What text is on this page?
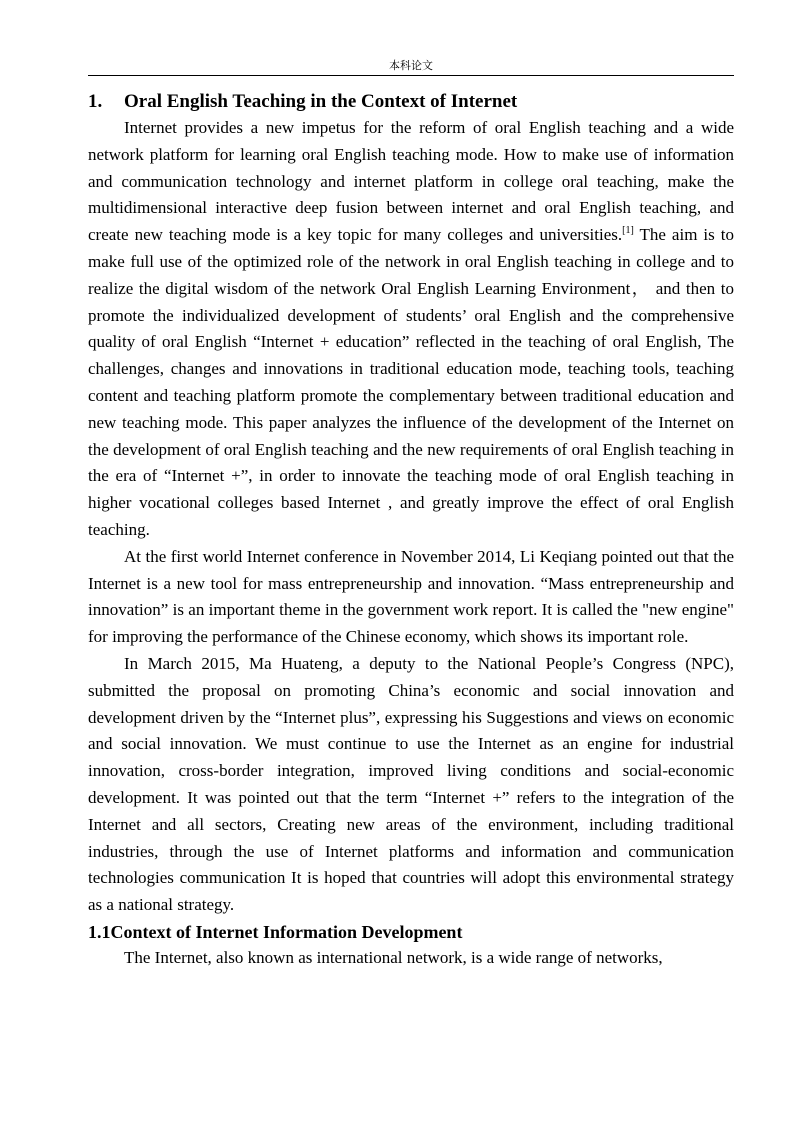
本科论文
1. Oral English Teaching in the Context of Internet

Internet provides a new impetus for the reform of oral English teaching and a wide network platform for learning oral English teaching mode. How to make use of information and communication technology and internet platform in college oral teaching, make the multidimensional interactive deep fusion between internet and oral English teaching, and create new teaching mode is a key topic for many colleges and universities.[1] The aim is to make full use of the optimized role of the network in oral English teaching in college and to realize the digital wisdom of the network Oral English Learning Environment， and then to promote the individualized development of students’ oral English and the comprehensive quality of oral English “Internet + education” reflected in the teaching of oral English, The challenges, changes and innovations in traditional education mode, teaching tools, teaching content and teaching platform promote the complementary between traditional education and new teaching mode. This paper analyzes the influence of the development of the Internet on the development of oral English teaching and the new requirements of oral English teaching in the era of “Internet +”, in order to innovate the teaching mode of oral English teaching in higher vocational colleges based Internet , and greatly improve the effect of oral English teaching.

At the first world Internet conference in November 2014, Li Keqiang pointed out that the Internet is a new tool for mass entrepreneurship and innovation. “Mass entrepreneurship and innovation” is an important theme in the government work report. It is called the "new engine" for improving the performance of the Chinese economy, which shows its important role.

In March 2015, Ma Huateng, a deputy to the National People’s Congress (NPC), submitted the proposal on promoting China’s economic and social innovation and development driven by the “Internet plus”, expressing his Suggestions and views on economic and social innovation. We must continue to use the Internet as an engine for industrial innovation, cross-border integration, improved living conditions and social-economic development. It was pointed out that the term “Internet +” refers to the integration of the Internet and all sectors, Creating new areas of the environment, including traditional industries, through the use of Internet platforms and information and communication technologies communication It is hoped that countries will adopt this environmental strategy as a national strategy.

1.1Context of Internet Information Development

The Internet, also known as international network, is a wide range of networks,
